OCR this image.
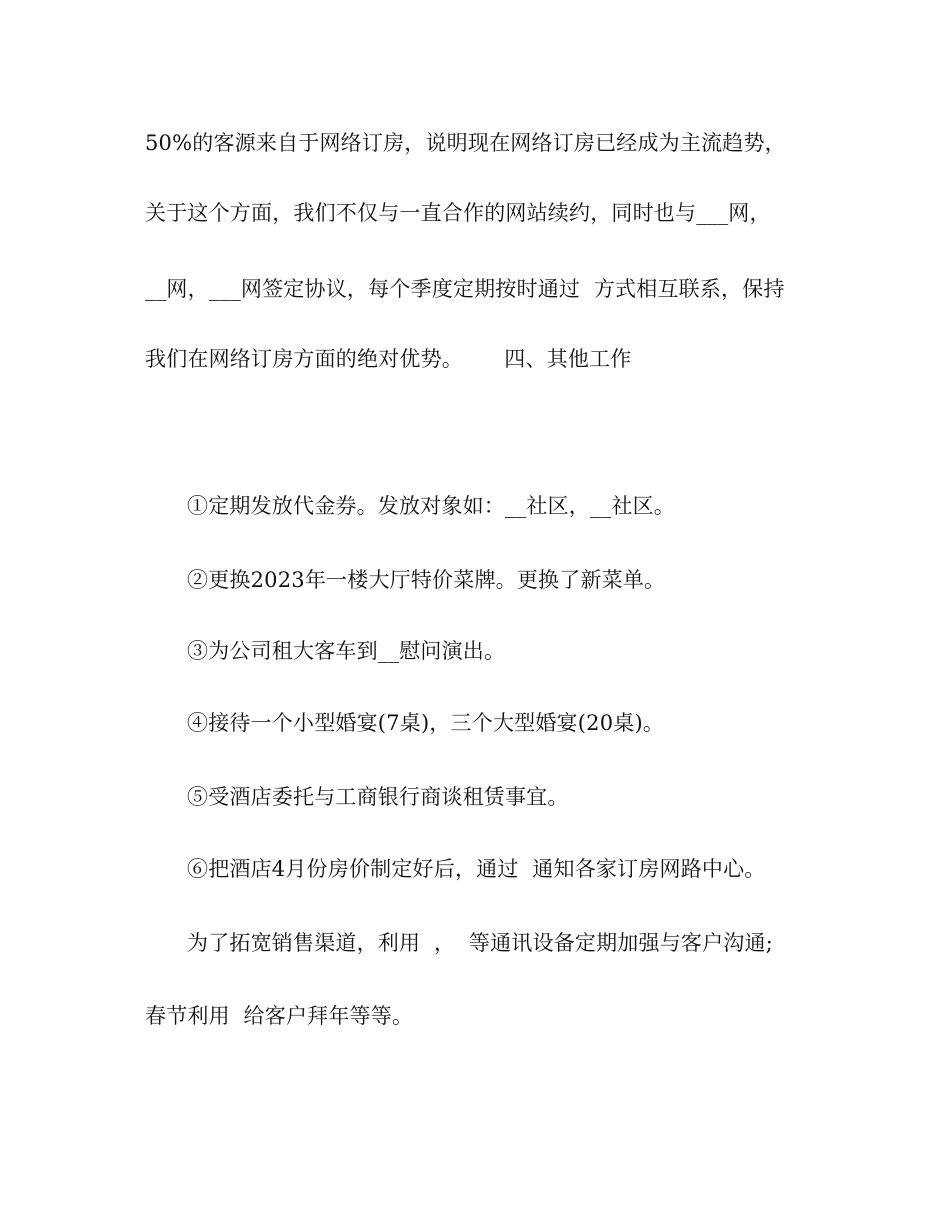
50%的客源来自于网络订房，说明现在网络订房已经成为主流趋势，
关于这个方面，我们不仅与一直合作的网站续约，同时也与___网，
__网，___网签定协议，每个季度定期按时通过  方式相互联系，保持
我们在网络订房方面的绝对优势。      四、其他工作
①定期发放代金券。发放对象如：__社区，__社区。
②更换2023年一楼大厅特价菜牌。更换了新菜单。
③为公司租大客车到__慰问演出。
④接待一个小型婚宴(7桌)，三个大型婚宴(20桌)。
⑤受酒店委托与工商银行商谈租赁事宜。
⑥把酒店4月份房价制定好后，通过  通知各家订房网路中心。
为了拓宽销售渠道，利用  ，  等通讯设备定期加强与客户沟通;
春节利用  给客户拜年等等。
